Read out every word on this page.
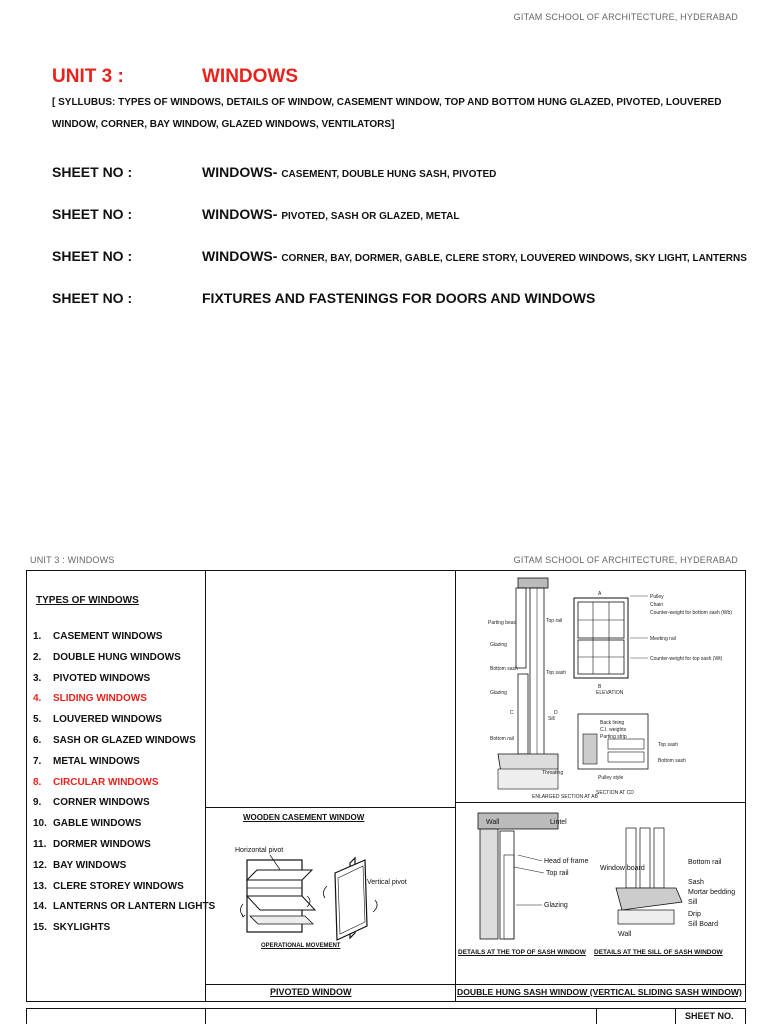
GITAM SCHOOL OF ARCHITECTURE, HYDERABAD
UNIT 3 :	WINDOWS
[ SYLLUBUS: TYPES OF WINDOWS, DETAILS OF WINDOW, CASEMENT WINDOW, TOP AND BOTTOM HUNG GLAZED, PIVOTED, LOUVERED
WINDOW, CORNER, BAY WINDOW, GLAZED WINDOWS, VENTILATORS]
SHEET NO :	WINDOWS- CASEMENT, DOUBLE HUNG SASH, PIVOTED
SHEET NO :	WINDOWS- PIVOTED, SASH OR GLAZED, METAL
SHEET NO :	WINDOWS- CORNER, BAY, DORMER, GABLE, CLERE STORY, LOUVERED WINDOWS, SKY LIGHT, LANTERNS
SHEET NO :	FIXTURES AND FASTENINGS FOR DOORS AND WINDOWS
UNIT 3 : WINDOWS	GITAM SCHOOL OF ARCHITECTURE, HYDERABAD
TYPES OF WINDOWS
1. CASEMENT WINDOWS
2. DOUBLE HUNG WINDOWS
3. PIVOTED WINDOWS
4. SLIDING WINDOWS
5. LOUVERED WINDOWS
6. SASH OR GLAZED WINDOWS
7. METAL WINDOWS
8. CIRCULAR WINDOWS
9. CORNER WINDOWS
10. GABLE WINDOWS
11. DORMER WINDOWS
12. BAY WINDOWS
13. CLERE STOREY WINDOWS
14. LANTERNS OR LANTERN LIGHTS
15. SKYLIGHTS
WOODEN CASEMENT WINDOW
Horizontal pivot
Vertical pivot
OPERATIONAL MOVEMENT
PIVOTED WINDOW
Parting bead	Top rail
Glazing
Bottom sash
Top sash
Glazing
Bottom rail
Sill
Throating
ENLARGED SECTION AT AB
C	D
A
B
ELEVATION
Pulley
Chain
Counter-weight for bottom sash (Wb)
Meeting rail
Counter-weight for top sash (Wt)
Back lining
C.I. weights
Parting strip
Top sash
Bottom sash
Pulley style
SECTION AT CD
Wall	Lintel
Head of frame
Top rail
Glazing
Window board
Bottom rail
Sash
Mortar bedding
Sill
Drip
Sill Board
Wall
DETAILS AT THE TOP OF SASH WINDOW DETAILS AT THE SILL OF SASH WINDOW
DOUBLE HUNG SASH WINDOW (VERTICAL SLIDING SASH WINDOW)
SHEET NO.
